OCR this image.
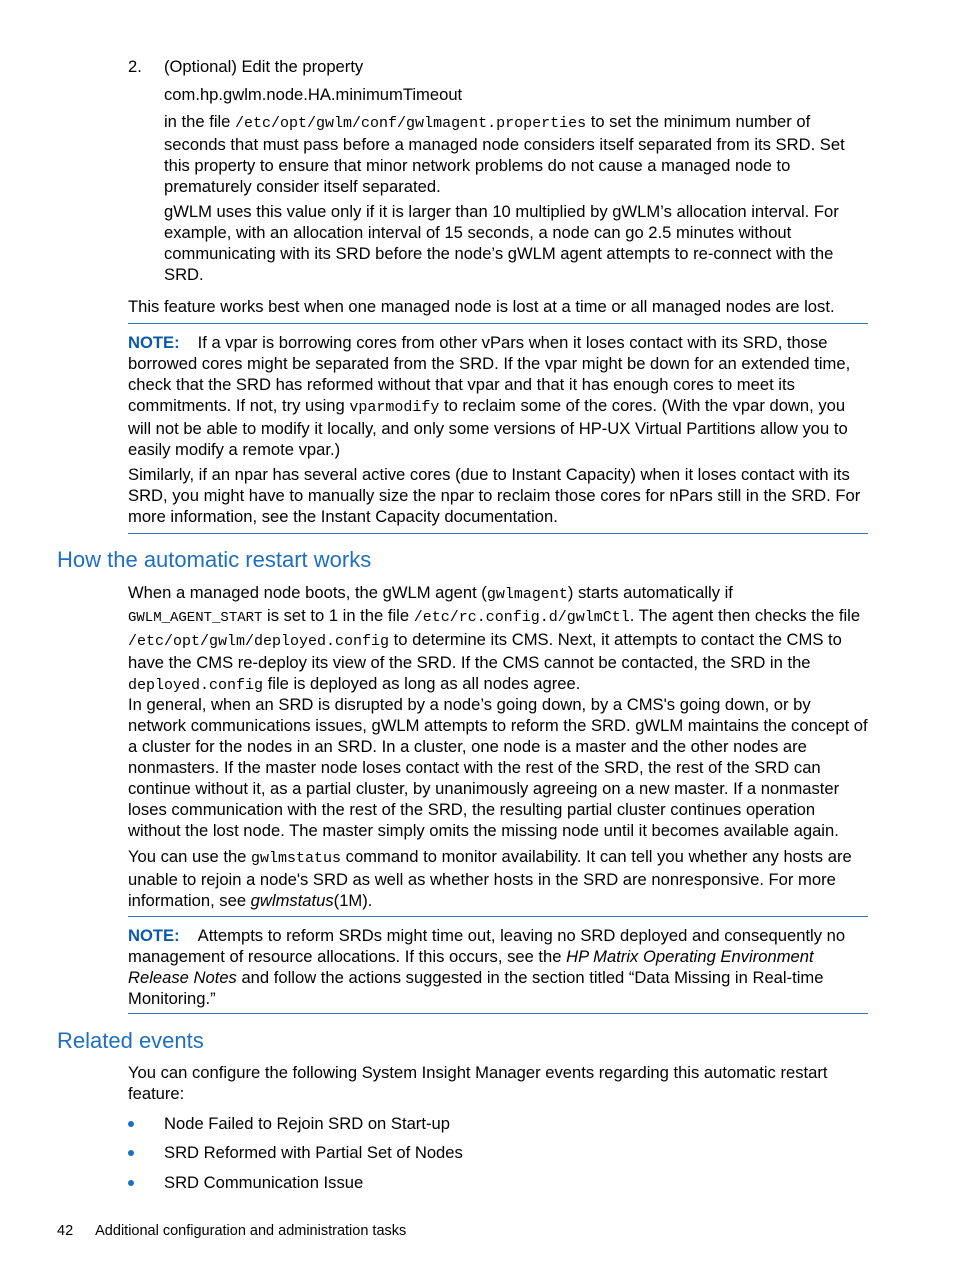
2. (Optional) Edit the property

com.hp.gwlm.node.HA.minimumTimeout

in the file /etc/opt/gwlm/conf/gwlmagent.properties to set the minimum number of seconds that must pass before a managed node considers itself separated from its SRD. Set this property to ensure that minor network problems do not cause a managed node to prematurely consider itself separated.

gWLM uses this value only if it is larger than 10 multiplied by gWLM’s allocation interval. For example, with an allocation interval of 15 seconds, a node can go 2.5 minutes without communicating with its SRD before the node’s gWLM agent attempts to re-connect with the SRD.

This feature works best when one managed node is lost at a time or all managed nodes are lost.

NOTE: If a vpar is borrowing cores from other vPars when it loses contact with its SRD, those borrowed cores might be separated from the SRD. If the vpar might be down for an extended time, check that the SRD has reformed without that vpar and that it has enough cores to meet its commitments. If not, try using vparmodify to reclaim some of the cores. (With the vpar down, you will not be able to modify it locally, and only some versions of HP-UX Virtual Partitions allow you to easily modify a remote vpar.)

Similarly, if an npar has several active cores (due to Instant Capacity) when it loses contact with its SRD, you might have to manually size the npar to reclaim those cores for nPars still in the SRD. For more information, see the Instant Capacity documentation.

How the automatic restart works

When a managed node boots, the gWLM agent (gwlmagent) starts automatically if GWLM_AGENT_START is set to 1 in the file /etc/rc.config.d/gwlmCtl. The agent then checks the file /etc/opt/gwlm/deployed.config to determine its CMS. Next, it attempts to contact the CMS to have the CMS re-deploy its view of the SRD. If the CMS cannot be contacted, the SRD in the deployed.config file is deployed as long as all nodes agree.

In general, when an SRD is disrupted by a node’s going down, by a CMS's going down, or by network communications issues, gWLM attempts to reform the SRD. gWLM maintains the concept of a cluster for the nodes in an SRD. In a cluster, one node is a master and the other nodes are nonmasters. If the master node loses contact with the rest of the SRD, the rest of the SRD can continue without it, as a partial cluster, by unanimously agreeing on a new master. If a nonmaster loses communication with the rest of the SRD, the resulting partial cluster continues operation without the lost node. The master simply omits the missing node until it becomes available again.

You can use the gwlmstatus command to monitor availability. It can tell you whether any hosts are unable to rejoin a node's SRD as well as whether hosts in the SRD are nonresponsive. For more information, see gwlmstatus(1M).

NOTE: Attempts to reform SRDs might time out, leaving no SRD deployed and consequently no management of resource allocations. If this occurs, see the HP Matrix Operating Environment Release Notes and follow the actions suggested in the section titled “Data Missing in Real-time Monitoring.”

Related events

You can configure the following System Insight Manager events regarding this automatic restart feature:

Node Failed to Rejoin SRD on Start-up
SRD Reformed with Partial Set of Nodes
SRD Communication Issue
42 Additional configuration and administration tasks
